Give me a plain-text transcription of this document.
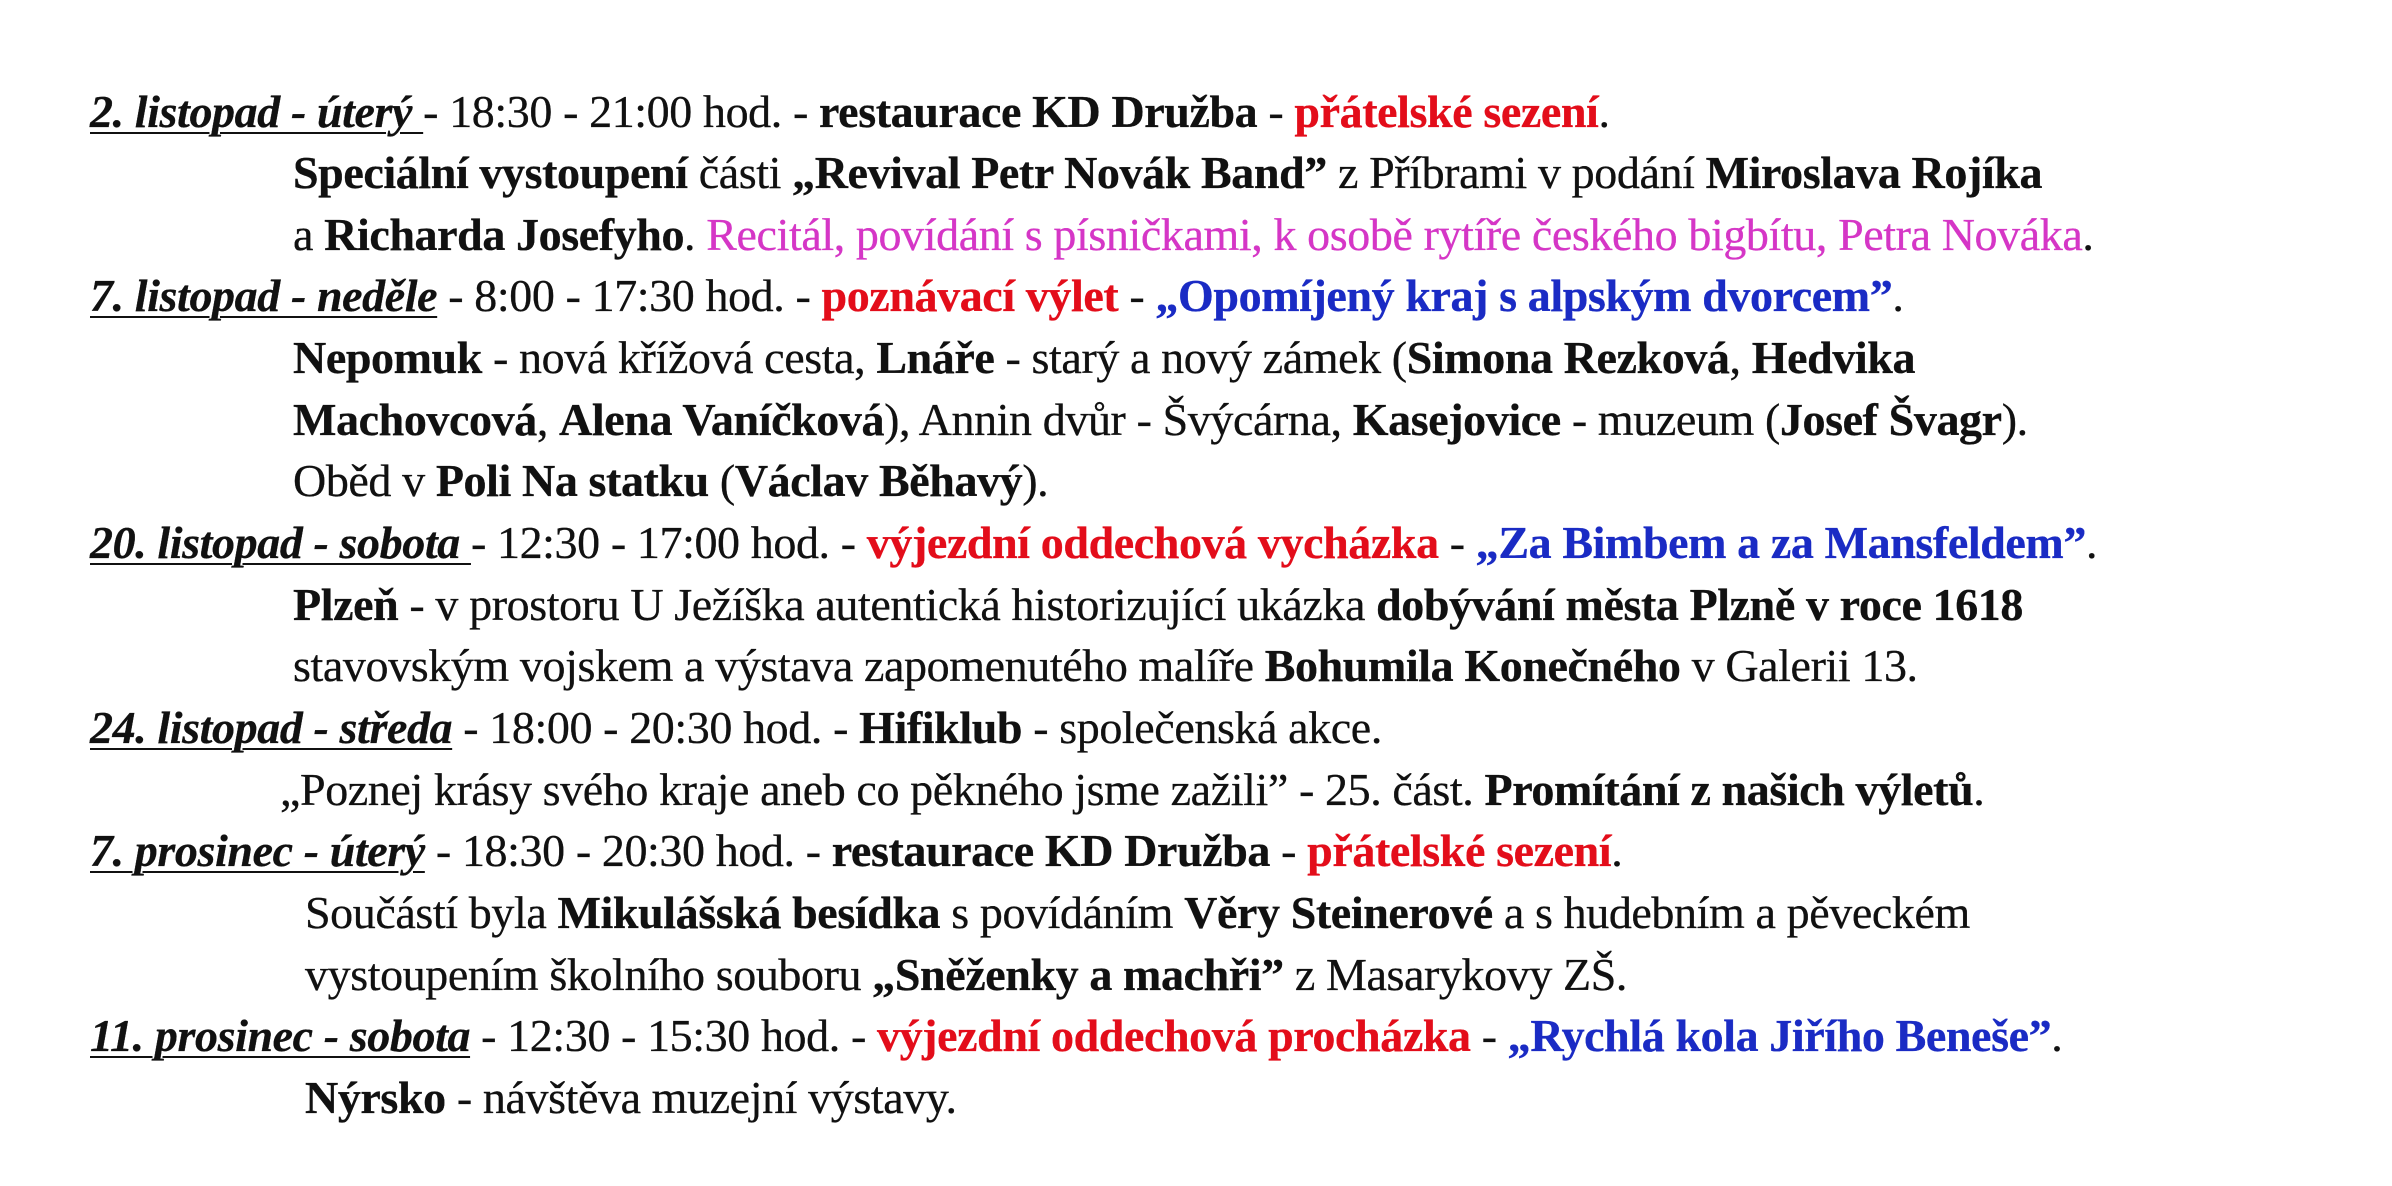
2. listopad - úterý - 18:30 - 21:00 hod. - restaurace KD Družba - přátelské sezení.
Speciální vystoupení části „Revival Petr Novák Band” z Příbrami v podání Miroslava Rojíka
a Richarda Josefyho. Recitál, povídání s písničkami, k osobě rytíře českého bigbítu, Petra Nováka.
7. listopad - neděle - 8:00 - 17:30 hod. - poznávací výlet - „Opomíjený kraj s alpským dvorcem”.
Nepomuk - nová křížová cesta, Lnáře - starý a nový zámek (Simona Rezková, Hedvika
Machovcová, Alena Vaníčková), Annin dvůr - Švýcárna, Kasejovice - muzeum (Josef Švagr).
Oběd v Poli Na statku (Václav Běhavý).
20. listopad - sobota - 12:30 - 17:00 hod. - výjezdní oddechová vycházka - „Za Bimbem a za Mansfeldem”.
Plzeň - v prostoru U Ježíška autentická historizující ukázka dobývání města Plzně v roce 1618
stavovským vojskem a výstava zapomenutého malíře Bohumila Konečného v Galerii 13.
24. listopad - středa - 18:00 - 20:30 hod. - Hifiklub - společenská akce.
„Poznej krásy svého kraje aneb co pěkného jsme zažili” - 25. část. Promítání z našich výletů.
7. prosinec - úterý - 18:30 - 20:30 hod. - restaurace KD Družba - přátelské sezení.
Součástí byla Mikulášská besídka s povídáním Věry Steinerové a s hudebním a pěveckém
vystoupením školního souboru „Sněženky a machři” z Masarykovy ZŠ.
11. prosinec - sobota - 12:30 - 15:30 hod. - výjezdní oddechová procházka - „Rychlá kola Jiřího Beneše”.
Nýrsko - návštěva muzejní výstavy.
